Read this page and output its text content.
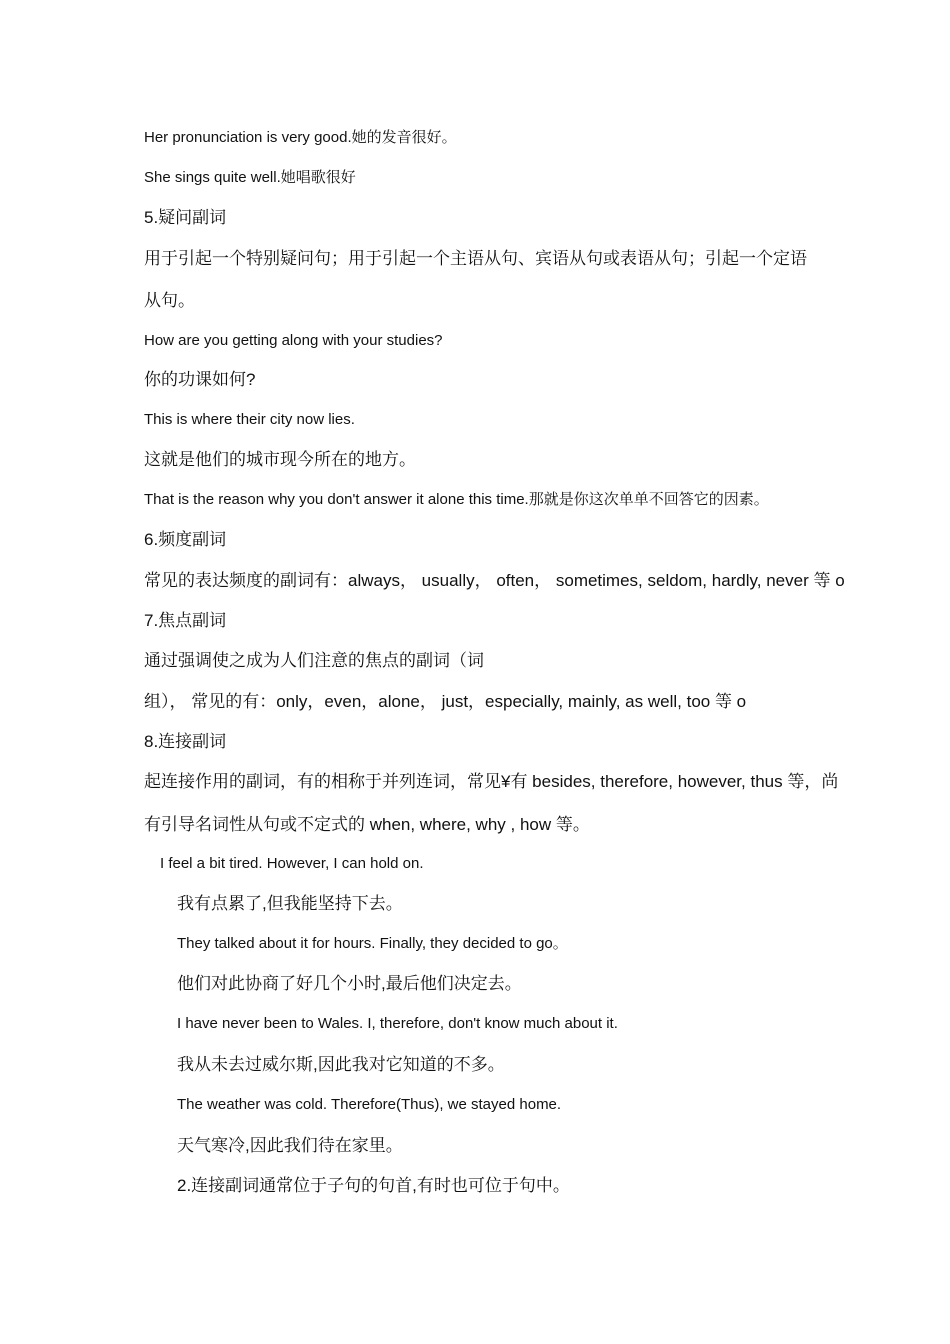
Her pronunciation is very good.她的发音很好。
She sings quite well.她唱歌很好
5.疑问副词
用于引起一个特别疑问句；用于引起一个主语从句、宾语从句或表语从句；引起一个定语
从句。
How are you getting along with your studies?
你的功课如何?
This is where their city now lies.
这就是他们的城市现今所在的地方。
That is the reason why you don't answer it alone this time.那就是你这次单单不回答它的因素。
6.频度副词
常见的表达频度的副词有：always， usually， often， sometimes, seldom, hardly, never 等 o
7.焦点副词
通过强调使之成为人们注意的焦点的副词（词
组）， 常见的有：only，even，alone， just，especially, mainly, as well, too 等 o
8.连接副词
起连接作用的副词，有的相称于并列连词，常见¥有 besides, therefore, however, thus 等，尚
有引导名词性从句或不定式的 when, where, why , how 等。
I feel a bit tired. However, I can hold on.
我有点累了,但我能坚持下去。
They talked about it for hours. Finally, they decided to go。
他们对此协商了好几个小时,最后他们决定去。
I have never been to Wales. I, therefore, don't know much about it.
我从未去过威尔斯,因此我对它知道的不多。
The weather was cold. Therefore(Thus), we stayed home.
天气寒冷,因此我们待在家里。
2.连接副词通常位于子句的句首,有时也可位于句中。
